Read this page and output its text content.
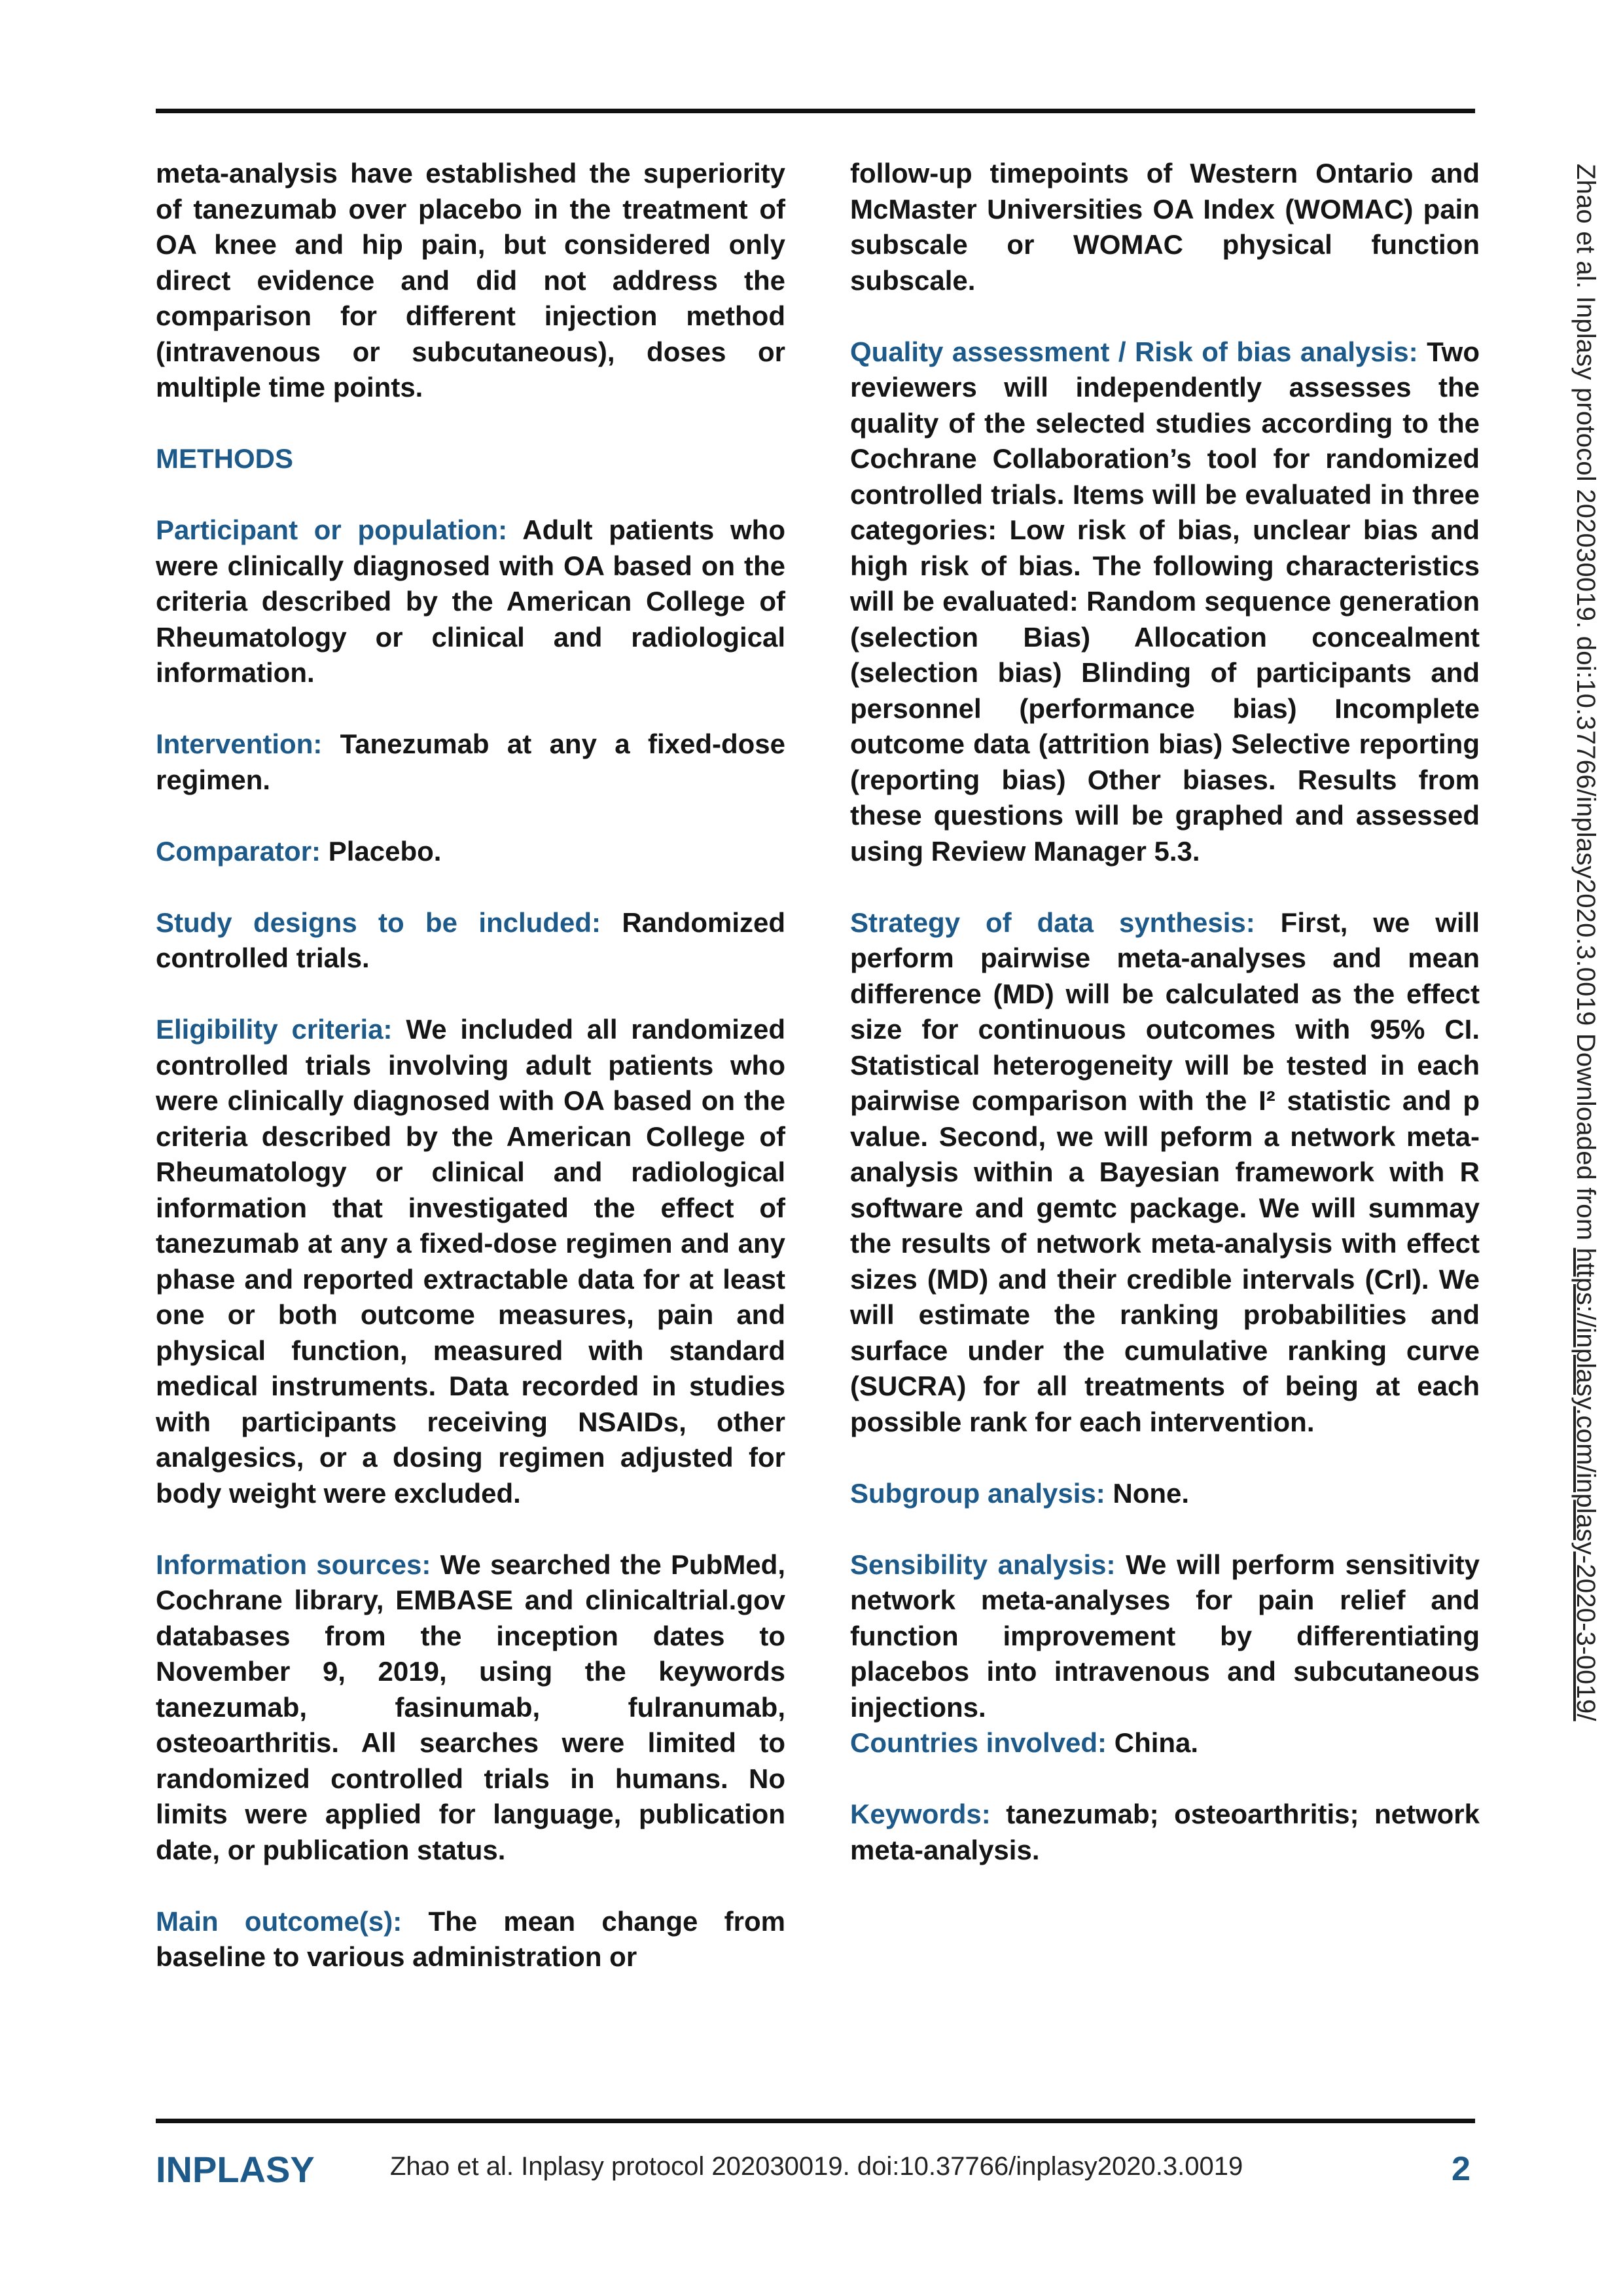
meta-analysis have established the superiority of tanezumab over placebo in the treatment of OA knee and hip pain, but considered only direct evidence and did not address the comparison for different injection method (intravenous or subcutaneous), doses or multiple time points.

METHODS

Participant or population: Adult patients who were clinically diagnosed with OA based on the criteria described by the American College of Rheumatology or clinical and radiological information.

Intervention: Tanezumab at any a fixed-dose regimen.

Comparator: Placebo.

Study designs to be included: Randomized controlled trials.

Eligibility criteria: We included all randomized controlled trials involving adult patients who were clinically diagnosed with OA based on the criteria described by the American College of Rheumatology or clinical and radiological information that investigated the effect of tanezumab at any a fixed-dose regimen and any phase and reported extractable data for at least one or both outcome measures, pain and physical function, measured with standard medical instruments. Data recorded in studies with participants receiving NSAIDs, other analgesics, or a dosing regimen adjusted for body weight were excluded.

Information sources: We searched the PubMed, Cochrane library, EMBASE and clinicaltrial.gov databases from the inception dates to November 9, 2019, using the keywords tanezumab, fasinumab, fulranumab, osteoarthritis. All searches were limited to randomized controlled trials in humans. No limits were applied for language, publication date, or publication status.

Main outcome(s): The mean change from baseline to various administration or

follow-up timepoints of Western Ontario and McMaster Universities OA Index (WOMAC) pain subscale or WOMAC physical function subscale.

Quality assessment / Risk of bias analysis: Two reviewers will independently assesses the quality of the selected studies according to the Cochrane Collaboration’s tool for randomized controlled trials. Items will be evaluated in three categories: Low risk of bias, unclear bias and high risk of bias. The following characteristics will be evaluated: Random sequence generation (selection Bias) Allocation concealment (selection bias) Blinding of participants and personnel (performance bias) Incomplete outcome data (attrition bias) Selective reporting (reporting bias) Other biases. Results from these questions will be graphed and assessed using Review Manager 5.3.

Strategy of data synthesis: First, we will perform pairwise meta-analyses and mean difference (MD) will be calculated as the effect size for continuous outcomes with 95% CI. Statistical heterogeneity will be tested in each pairwise comparison with the I² statistic and p value. Second, we will peform a network meta-analysis within a Bayesian framework with R software and gemtc package. We will summay the results of network meta-analysis with effect sizes (MD) and their credible intervals (CrI). We will estimate the ranking probabilities and surface under the cumulative ranking curve (SUCRA) for all treatments of being at each possible rank for each intervention.

Subgroup analysis: None.

Sensibility analysis: We will perform sensitivity network meta-analyses for pain relief and function improvement by differentiating placebos into intravenous and subcutaneous injections.

Countries involved: China.

Keywords: tanezumab; osteoarthritis; network meta-analysis.

Zhao et al. Inplasy protocol 202030019. doi:10.37766/inplasy2020.3.0019 Downloaded from https://inplasy.com/inplasy-2020-3-0019/
INPLASY	Zhao et al. Inplasy protocol 202030019. doi:10.37766/inplasy2020.3.0019	2
